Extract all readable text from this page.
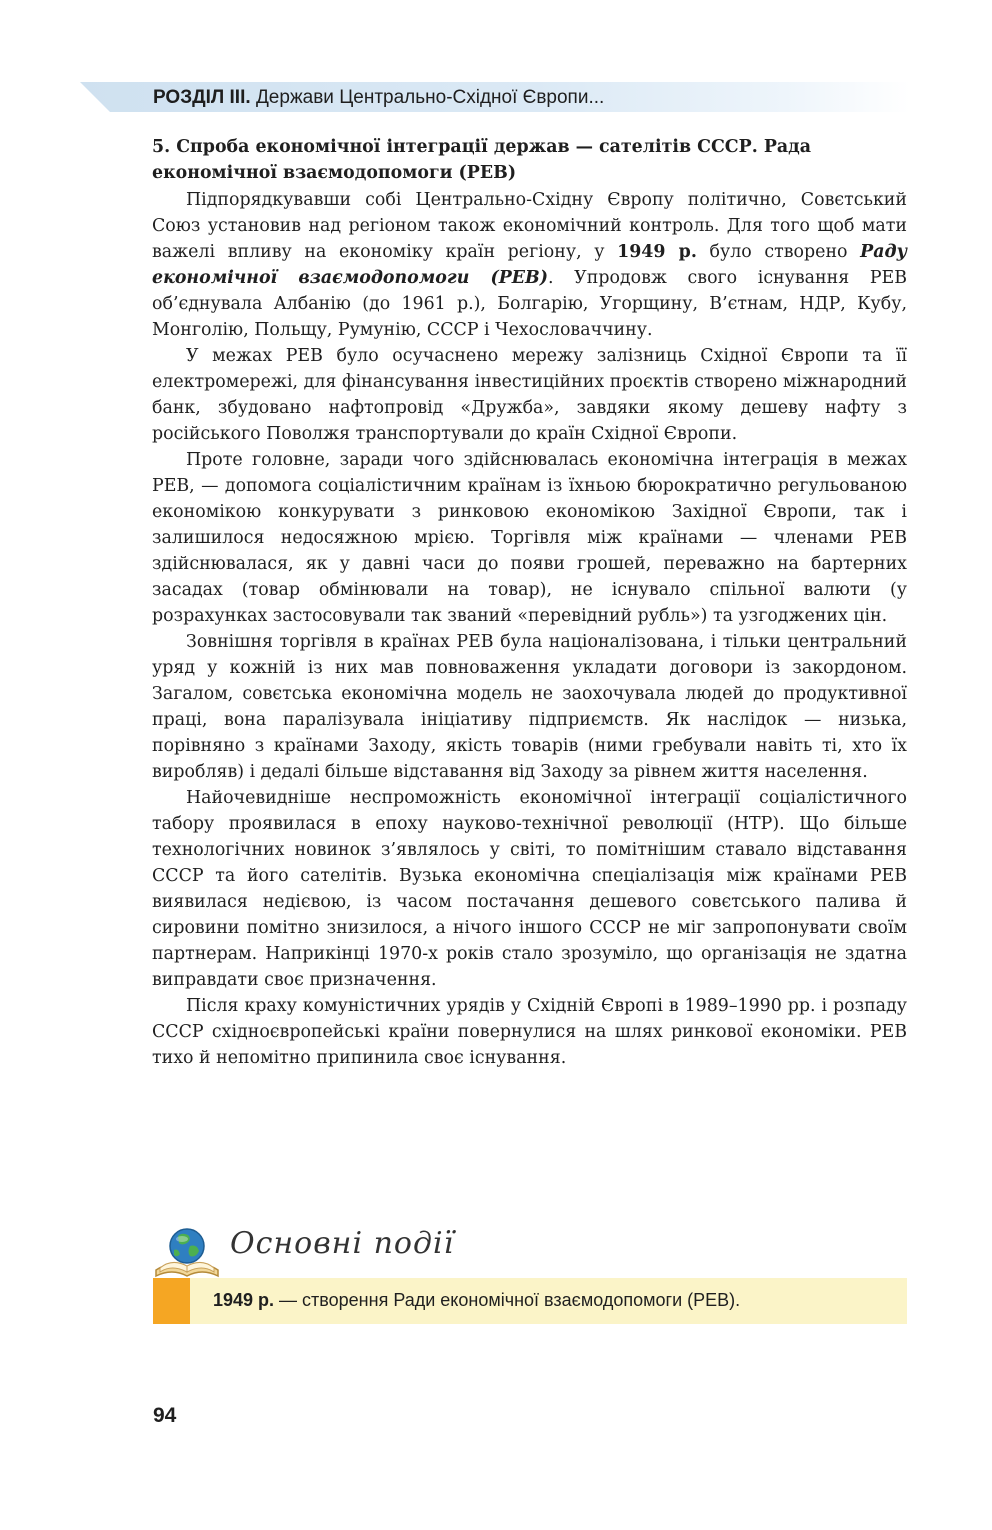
РОЗДІЛ ІІІ. Держави Центрально-Східної Європи...
5. Спроба економічної інтеграції держав — сателітів СССР. Рада економічної взаємодопомоги (РЕВ)

Підпорядкувавши собі Центрально-Східну Європу політично, Совєтський Союз установив над регіоном також економічний контроль. Для того щоб мати важелі впливу на економіку країн регіону, у 1949 р. було створено Раду економічної взаємодопомоги (РЕВ). Упродовж свого існування РЕВ об’єднувала Албанію (до 1961 р.), Болгарію, Угорщину, В’єтнам, НДР, Кубу, Монголію, Польщу, Румунію, СССР і Чехословаччину.

У межах РЕВ було осучаснено мережу залізниць Східної Європи та її електромережі, для фінансування інвестиційних проєктів створено міжнародний банк, збудовано нафтопровід «Дружба», завдяки якому дешеву нафту з російського Поволжя транспортували до країн Східної Європи.

Проте головне, заради чого здійснювалась економічна інтеграція в межах РЕВ, — допомога соціалістичним країнам із їхньою бюрократично регульованою економікою конкурувати з ринковою економікою Західної Європи, так і залишилося недосяжною мрією. Торгівля між країнами — членами РЕВ здійснювалася, як у давні часи до появи грошей, переважно на бартерних засадах (товар обмінювали на товар), не існувало спільної валюти (у розрахунках застосовували так званий «перевідний рубль») та узгоджених цін.

Зовнішня торгівля в країнах РЕВ була націоналізована, і тільки центральний уряд у кожній із них мав повноваження укладати договори із закордоном. Загалом, совєтська економічна модель не заохочувала людей до продуктивної праці, вона паралізувала ініціативу підприємств. Як наслідок — низька, порівняно з країнами Заходу, якість товарів (ними гребували навіть ті, хто їх виробляв) і дедалі більше відставання від Заходу за рівнем життя населення.

Найочевидніше неспроможність економічної інтеграції соціалістичного табору проявилася в епоху науково-технічної революції (НТР). Що більше технологічних новинок з’являлось у світі, то помітнішим ставало відставання СССР та його сателітів. Вузька економічна спеціалізація між країнами РЕВ виявилася недієвою, із часом постачання дешевого совєтського палива й сировини помітно знизилося, а нічого іншого СССР не міг запропонувати своїм партнерам. Наприкінці 1970-х років стало зрозуміло, що організація не здатна виправдати своє призначення.

Після краху комуністичних урядів у Східній Європі в 1989–1990 рр. і розпаду СССР східноєвропейські країни повернулися на шлях ринкової економіки. РЕВ тихо й непомітно припинила своє існування.

Основні події
1949 р. — створення Ради економічної взаємодопомоги (РЕВ).
94
